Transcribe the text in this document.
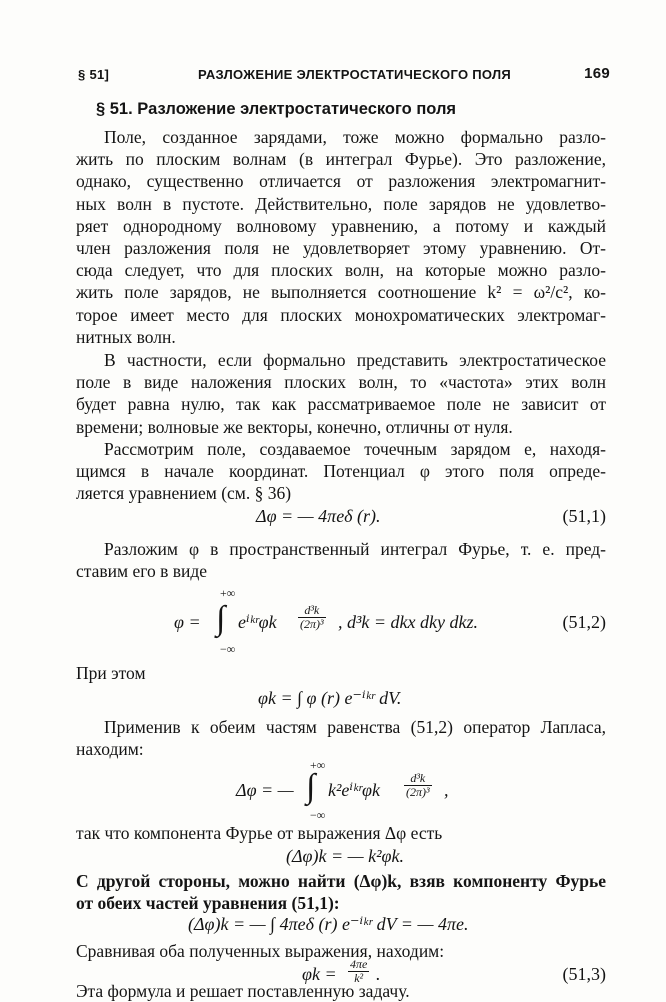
§ 51]	РАЗЛОЖЕНИЕ ЭЛЕКТРОСТАТИЧЕСКОГО ПОЛЯ	169
§ 51. Разложение электростатического поля
Поле, созданное зарядами, тоже можно формально разло-
жить по плоским волнам (в интеграл Фурье). Это разложение,
однако, существенно отличается от разложения электромагнит-
ных волн в пустоте. Действительно, поле зарядов не удовлетво-
ряет однородному волновому уравнению, а потому и каждый
член разложения поля не удовлетворяет этому уравнению. От-
сюда следует, что для плоских волн, на которые можно разло-
жить поле зарядов, не выполняется соотношение k² = ω²/c², ко-
торое имеет место для плоских монохроматических электромаг-
нитных волн.
В частности, если формально представить электростатическое
поле в виде наложения плоских волн, то «частота» этих волн
будет равна нулю, так как рассматриваемое поле не зависит от
времени; волновые же векторы, конечно, отличны от нуля.
Рассмотрим поле, создаваемое точечным зарядом e, находя-
щимся в начале координат. Потенциал φ этого поля опреде-
ляется уравнением (см. § 36)
Δφ = — 4πeδ (r).	(51,1)
Разложим φ в пространственный интеграл Фурье, т. е. пред-
ставим его в виде
+∞
φ = ∫ eⁱᵏʳφk $\frac{\text{d³k}}{\text{(2π)³}}$ , d³k = dkx dky dkz.	(51,2)
−∞
При этом
φk = ∫ φ (r) e⁻ⁱᵏʳ dV.
Применив к обеим частям равенства (51,2) оператор Лапласа,
находим:
+∞
Δφ = — ∫ k²eⁱᵏʳφk $\frac{\text{d³k}}{\text{(2π)³}}$ ,
−∞
так что компонента Фурье от выражения Δφ есть
(Δφ)k = — k²φk.
С другой стороны, можно найти (Δφ)k, взяв компоненту Фурье
от обеих частей уравнения (51,1):
(Δφ)k = — ∫ 4πeδ (r) e⁻ⁱᵏʳ dV = — 4πe.
Сравнивая оба полученных выражения, находим:
$\varphi k = \frac{4\pi e}{\text{k²}}$ .	(51,3)
Эта формула и решает поставленную задачу.
